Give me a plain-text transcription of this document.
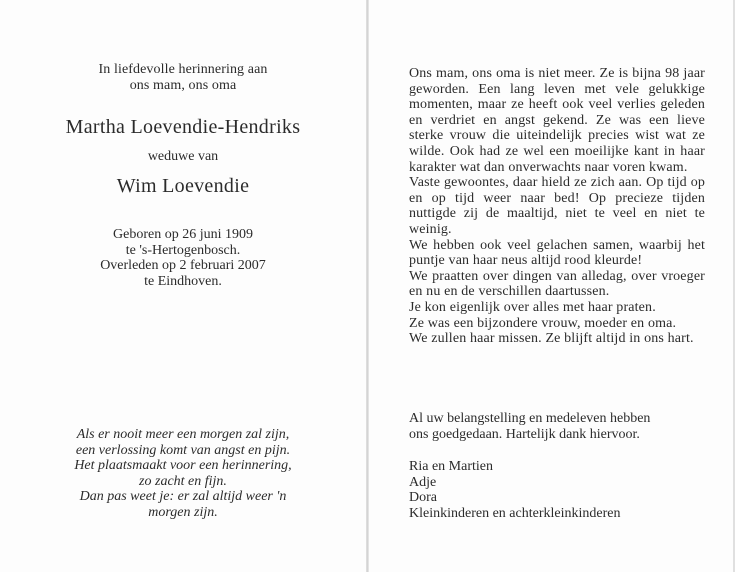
In liefdevolle herinnering aan
ons mam, ons oma
Martha Loevendie-Hendriks
weduwe van
Wim Loevendie
Geboren op 26 juni 1909
te 's-Hertogenbosch.
Overleden op 2 februari 2007
te Eindhoven.
Als er nooit meer een morgen zal zijn,
een verlossing komt van angst en pijn.
Het plaatsmaakt voor een herinnering,
zo zacht en fijn.
Dan pas weet je: er zal altijd weer 'n
morgen zijn.

Ons mam, ons oma is niet meer. Ze is bijna 98 jaar geworden. Een lang leven met vele gelukkige momenten, maar ze heeft ook veel verlies geleden en verdriet en angst gekend. Ze was een lieve sterke vrouw die uiteindelijk precies wist wat ze wilde. Ook had ze wel een moeilijke kant in haar karakter wat dan onverwachts naar voren kwam.

Vaste gewoontes, daar hield ze zich aan. Op tijd op en op tijd weer naar bed! Op precieze tijden nuttigde zij de maaltijd, niet te veel en niet te weinig.

We hebben ook veel gelachen samen, waarbij het puntje van haar neus altijd rood kleurde!

We praatten over dingen van alledag, over vroeger en nu en de verschillen daartussen.

Je kon eigenlijk over alles met haar praten.

Ze was een bijzondere vrouw, moeder en oma.

We zullen haar missen. Ze blijft altijd in ons hart.

Al uw belangstelling en medeleven hebben
ons goedgedaan. Hartelijk dank hiervoor.
Ria en Martien
Adje
Dora
Kleinkinderen en achterkleinkinderen
